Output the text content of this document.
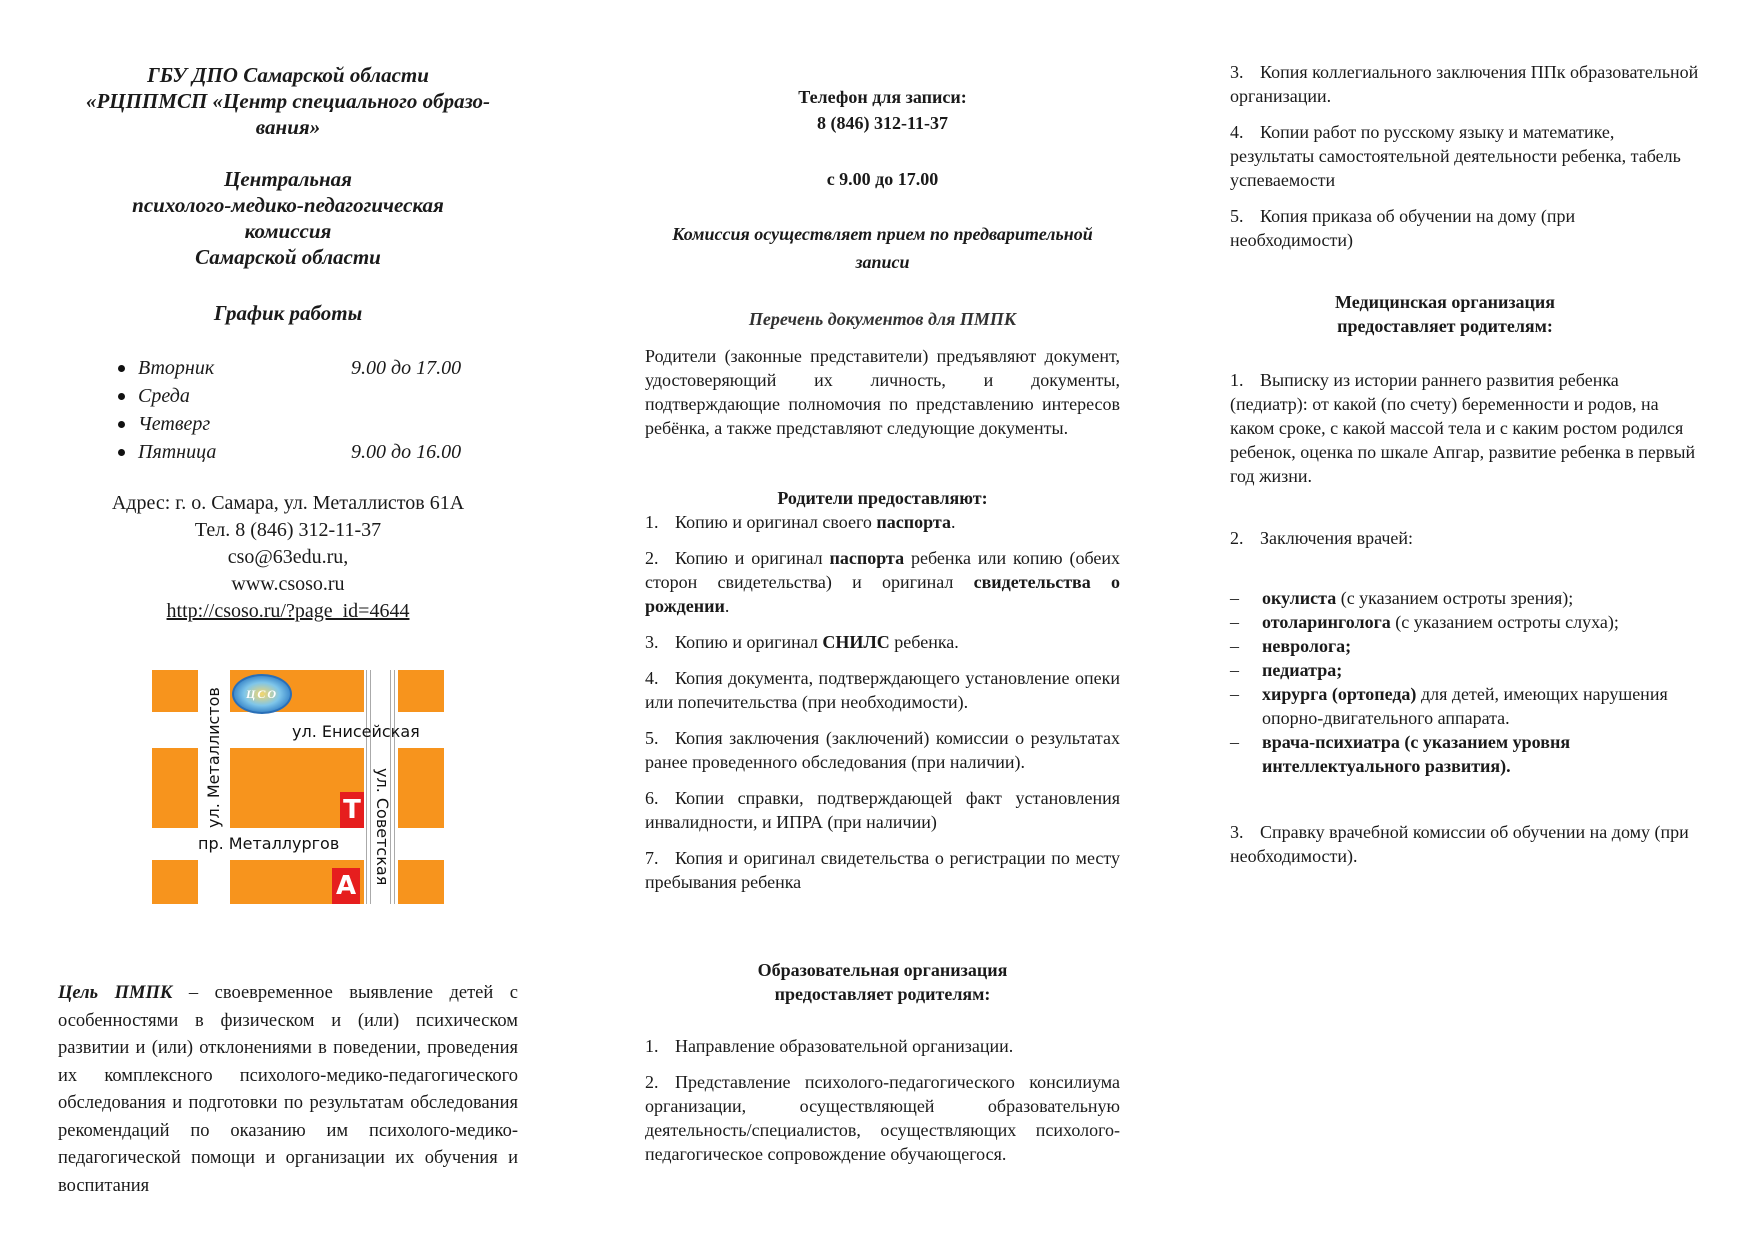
ГБУ ДПО Самарской области
«РЦППМСП «Центр специального образо-
вания»
Центральная
психолого-медико-педагогическая
комиссия
Самарской области
График работы
Вторник	9.00 до 17.00
Среда
Четверг
Пятница	9.00 до 16.00
Адрес: г. о. Самара, ул. Металлистов 61А
Тел. 8 (846) 312-11-37
cso@63edu.ru,
www.csoso.ru
http://csoso.ru/?page_id=4644
ЦСО
ул. Металлистов	ул. Енисейская
ул. Советская
пр. Металлургов
Т
А
Цель ПМПК – своевременное выявление детей с особенностями в физическом и (или) психическом развитии и (или) отклонениями в поведении, проведения их комплексного психолого-медико-педагогического обследования и подготовки по результатам обследования рекомендаций по оказанию им психолого-медико-педагогической помощи и организации их обучения и воспитания
Телефон для записи:
8 (846) 312-11-37
с 9.00 до 17.00
Комиссия осуществляет прием по предварительной записи
Перечень документов для ПМПК
Родители (законные представители) предъявляют документ, удостоверяющий их личность, и документы, подтверждающие полномочия по представлению интересов ребёнка, а также представляют следующие документы.
Родители предоставляют:
1. Копию и оригинал своего паспорта.
2. Копию и оригинал паспорта ребенка или копию (обеих сторон свидетельства) и оригинал свидетельства о рождении.
3. Копию и оригинал СНИЛС ребенка.
4. Копия документа, подтверждающего установление опеки или попечительства (при необходимости).
5. Копия заключения (заключений) комиссии о результатах ранее проведенного обследования (при наличии).
6. Копии справки, подтверждающей факт установления инвалидности, и ИПРА (при наличии)
7. Копия и оригинал свидетельства о регистрации по месту пребывания ребенка
Образовательная организация
предоставляет родителям:
1. Направление образовательной организации.
2. Представление психолого-педагогического консилиума организации, осуществляющей образовательную деятельность/специалистов, осуществляющих психолого-педагогическое сопровождение обучающегося.
3. Копия коллегиального заключения ППк образовательной организации.
4. Копии работ по русскому языку и математике, результаты самостоятельной деятельности ребенка, табель успеваемости
5. Копия приказа об обучении на дому (при необходимости)
Медицинская организация
предоставляет родителям:
1. Выписку из истории раннего развития ребенка (педиатр): от какой (по счету) беременности и родов, на каком сроке, с какой массой тела и с каким ростом родился ребенок, оценка по шкале Апгар, развитие ребенка в первый год жизни.
2. Заключения врачей:
–	окулиста (с указанием остроты зрения);
–	отоларинголога (с указанием остроты слуха);
–	невролога;
–	педиатра;
–	хирурга (ортопеда) для детей, имеющих нарушения опорно-двигательного аппарата.
–	врача-психиатра (с указанием уровня интеллектуального развития).
3. Справку врачебной комиссии об обучении на дому (при необходимости).
